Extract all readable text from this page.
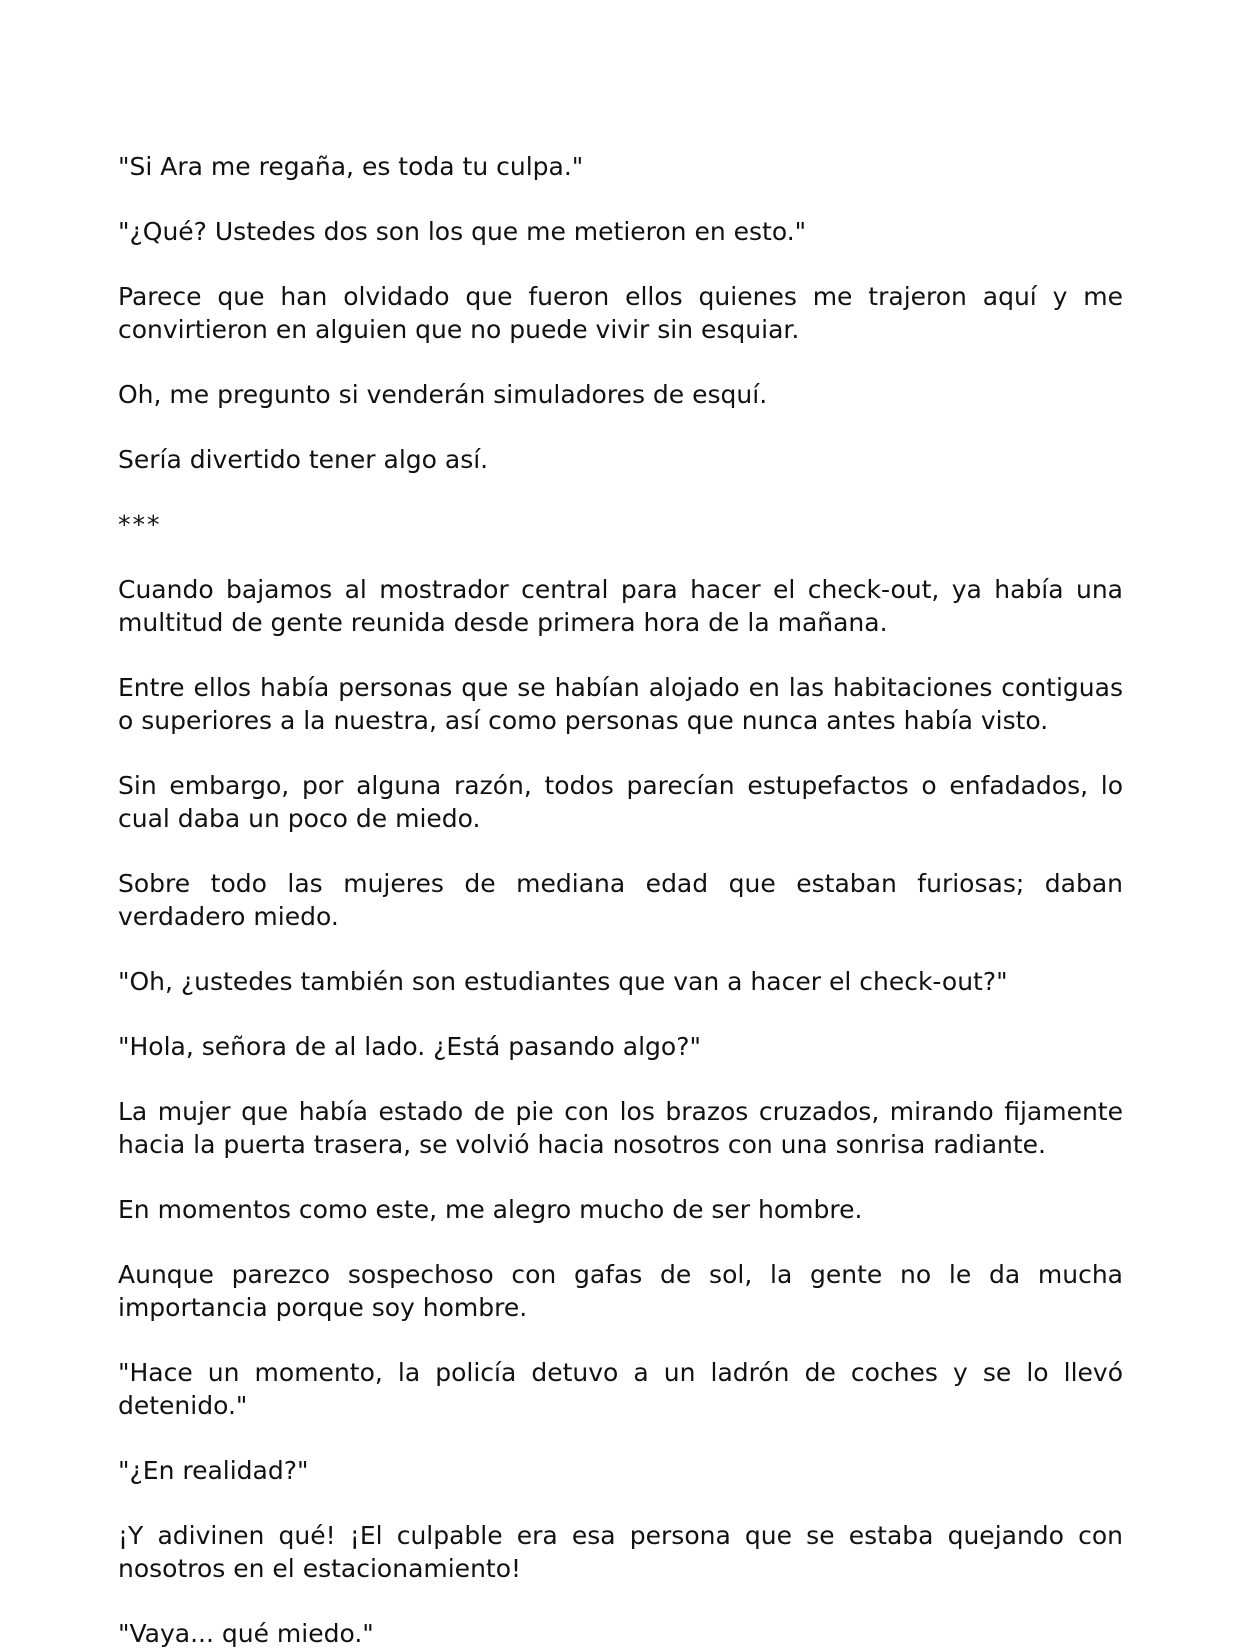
"Si Ara me regaña, es toda tu culpa."

"¿Qué? Ustedes dos son los que me metieron en esto."

Parece que han olvidado que fueron ellos quienes me trajeron aquí y me convirtieron en alguien que no puede vivir sin esquiar.

Oh, me pregunto si venderán simuladores de esquí.

Sería divertido tener algo así.

***

Cuando bajamos al mostrador central para hacer el check-out, ya había una multitud de gente reunida desde primera hora de la mañana.

Entre ellos había personas que se habían alojado en las habitaciones contiguas o superiores a la nuestra, así como personas que nunca antes había visto.

Sin embargo, por alguna razón, todos parecían estupefactos o enfadados, lo cual daba un poco de miedo.

Sobre todo las mujeres de mediana edad que estaban furiosas; daban verdadero miedo.

"Oh, ¿ustedes también son estudiantes que van a hacer el check-out?"

"Hola, señora de al lado. ¿Está pasando algo?"

La mujer que había estado de pie con los brazos cruzados, mirando fijamente hacia la puerta trasera, se volvió hacia nosotros con una sonrisa radiante.

En momentos como este, me alegro mucho de ser hombre.

Aunque parezco sospechoso con gafas de sol, la gente no le da mucha importancia porque soy hombre.

"Hace un momento, la policía detuvo a un ladrón de coches y se lo llevó detenido."

"¿En realidad?"

¡Y adivinen qué! ¡El culpable era esa persona que se estaba quejando con nosotros en el estacionamiento!

"Vaya... qué miedo."
